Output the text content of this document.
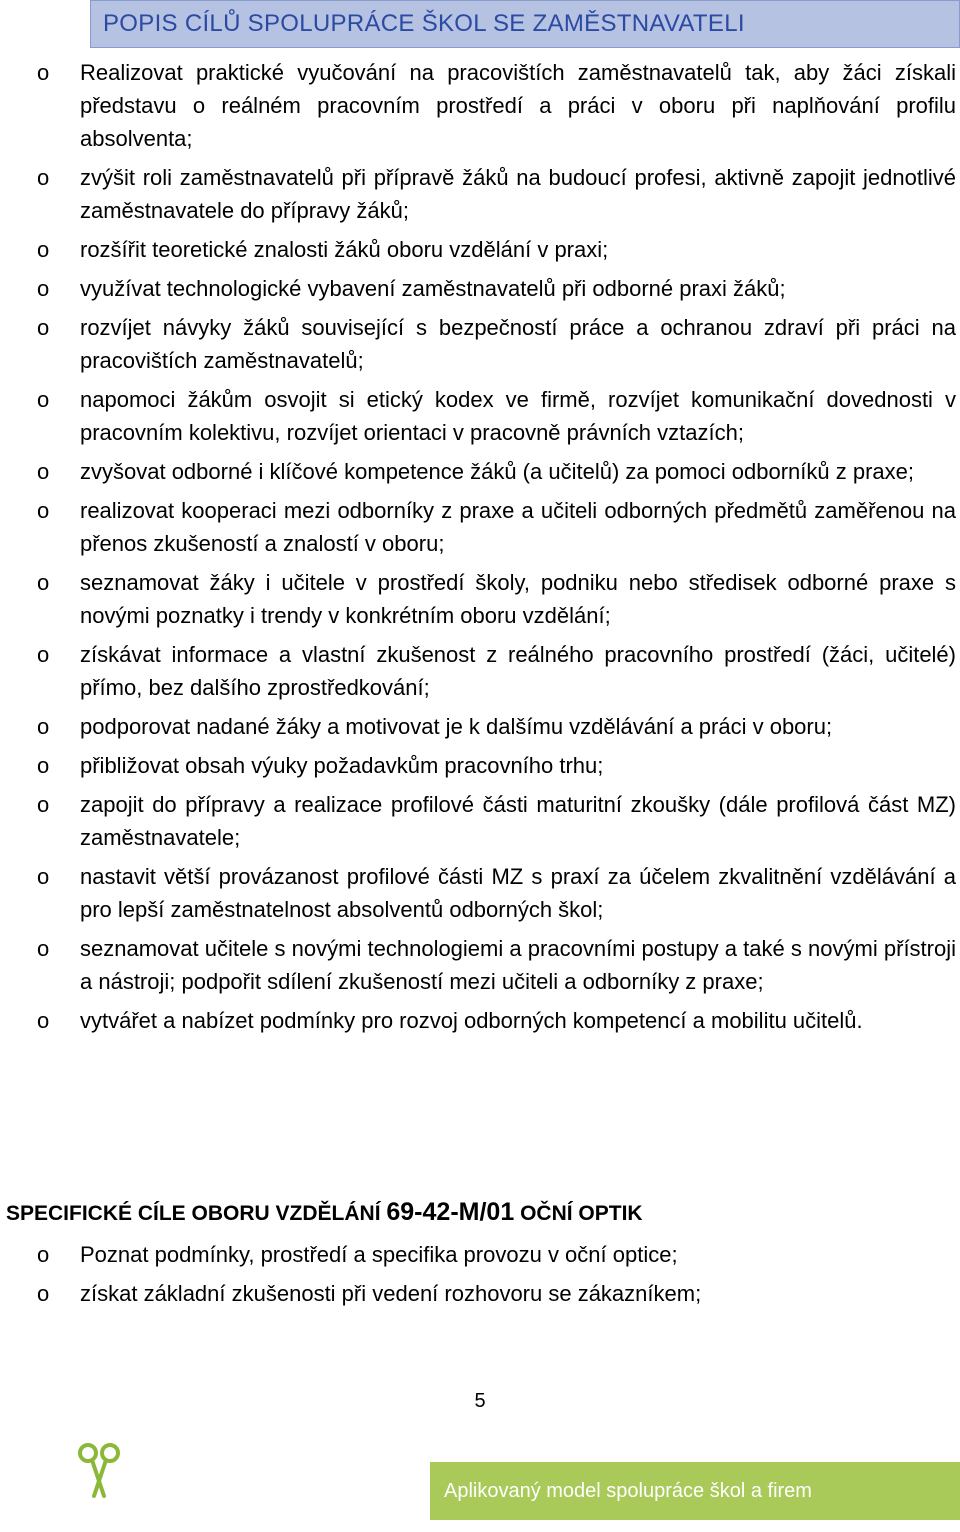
POPIS CÍLŮ SPOLUPRÁCE ŠKOL SE ZAMĚSTNAVATELI
o Realizovat praktické vyučování na pracovištích zaměstnavatelů tak, aby žáci získali představu o reálném pracovním prostředí a práci v oboru při naplňování profilu absolventa;
o zvýšit roli zaměstnavatelů při přípravě žáků na budoucí profesi, aktivně zapojit jednotlivé zaměstnavatele do přípravy žáků;
o rozšířit teoretické znalosti žáků oboru vzdělání v praxi;
o využívat technologické vybavení zaměstnavatelů při odborné praxi žáků;
o rozvíjet návyky žáků související s bezpečností práce a ochranou zdraví při práci na pracovištích zaměstnavatelů;
o napomoci žákům osvojit si etický kodex ve firmě, rozvíjet komunikační dovednosti v pracovním kolektivu, rozvíjet orientaci v pracovně právních vztazích;
o zvyšovat odborné i klíčové kompetence žáků (a učitelů) za pomoci odborníků z praxe;
o realizovat kooperaci mezi odborníky z praxe a učiteli odborných předmětů zaměřenou na přenos zkušeností a znalostí v oboru;
o seznamovat žáky i učitele v prostředí školy, podniku nebo středisek odborné praxe s novými poznatky i trendy v konkrétním oboru vzdělání;
o získávat informace a vlastní zkušenost z reálného pracovního prostředí (žáci, učitelé) přímo, bez dalšího zprostředkování;
o podporovat nadané žáky a motivovat je k dalšímu vzdělávání a práci v oboru;
o přibližovat obsah výuky požadavkům pracovního trhu;
o zapojit do přípravy a realizace profilové části maturitní zkoušky (dále profilová část MZ) zaměstnavatele;
o nastavit větší provázanost profilové části MZ s praxí za účelem zkvalitnění vzdělávání a pro lepší zaměstnatelnost absolventů odborných škol;
o seznamovat učitele s novými technologiemi a pracovními postupy a také s novými přístroji a nástroji; podpořit sdílení zkušeností mezi učiteli a odborníky z praxe;
o vytvářet a nabízet podmínky pro rozvoj odborných kompetencí a mobilitu učitelů.
SPECIFICKÉ CÍLE OBORU VZDĚLÁNÍ 69-42-M/01 OČNÍ OPTIK
o Poznat podmínky, prostředí a specifika provozu v oční optice;
o získat základní zkušenosti při vedení rozhovoru se zákazníkem;
5
Aplikovaný model spolupráce škol a firem
